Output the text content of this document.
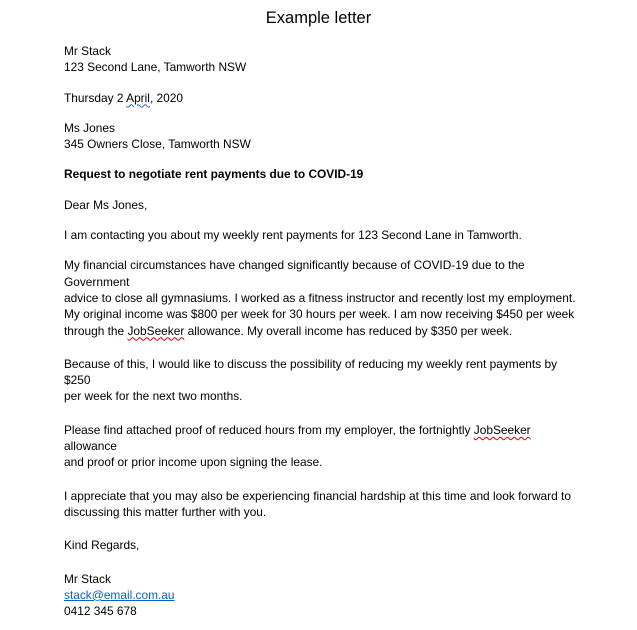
Example letter

Mr Stack

123 Second Lane, Tamworth NSW

Thursday 2 April, 2020

Ms Jones

345 Owners Close, Tamworth NSW

Request to negotiate rent payments due to COVID-19

Dear Ms Jones,

I am contacting you about my weekly rent payments for 123 Second Lane in Tamworth.

My financial circumstances have changed significantly because of COVID-19 due to the Government

advice to close all gymnasiums. I worked as a fitness instructor and recently lost my employment.

My original income was $800 per week for 30 hours per week. I am now receiving $450 per week

through the JobSeeker allowance. My overall income has reduced by $350 per week.

Because of this, I would like to discuss the possibility of reducing my weekly rent payments by $250

per week for the next two months.

Please find attached proof of reduced hours from my employer, the fortnightly JobSeeker allowance

and proof or prior income upon signing the lease.

I appreciate that you may also be experiencing financial hardship at this time and look forward to

discussing this matter further with you.

Kind Regards,

Mr Stack

stack@email.com.au

0412 345 678
